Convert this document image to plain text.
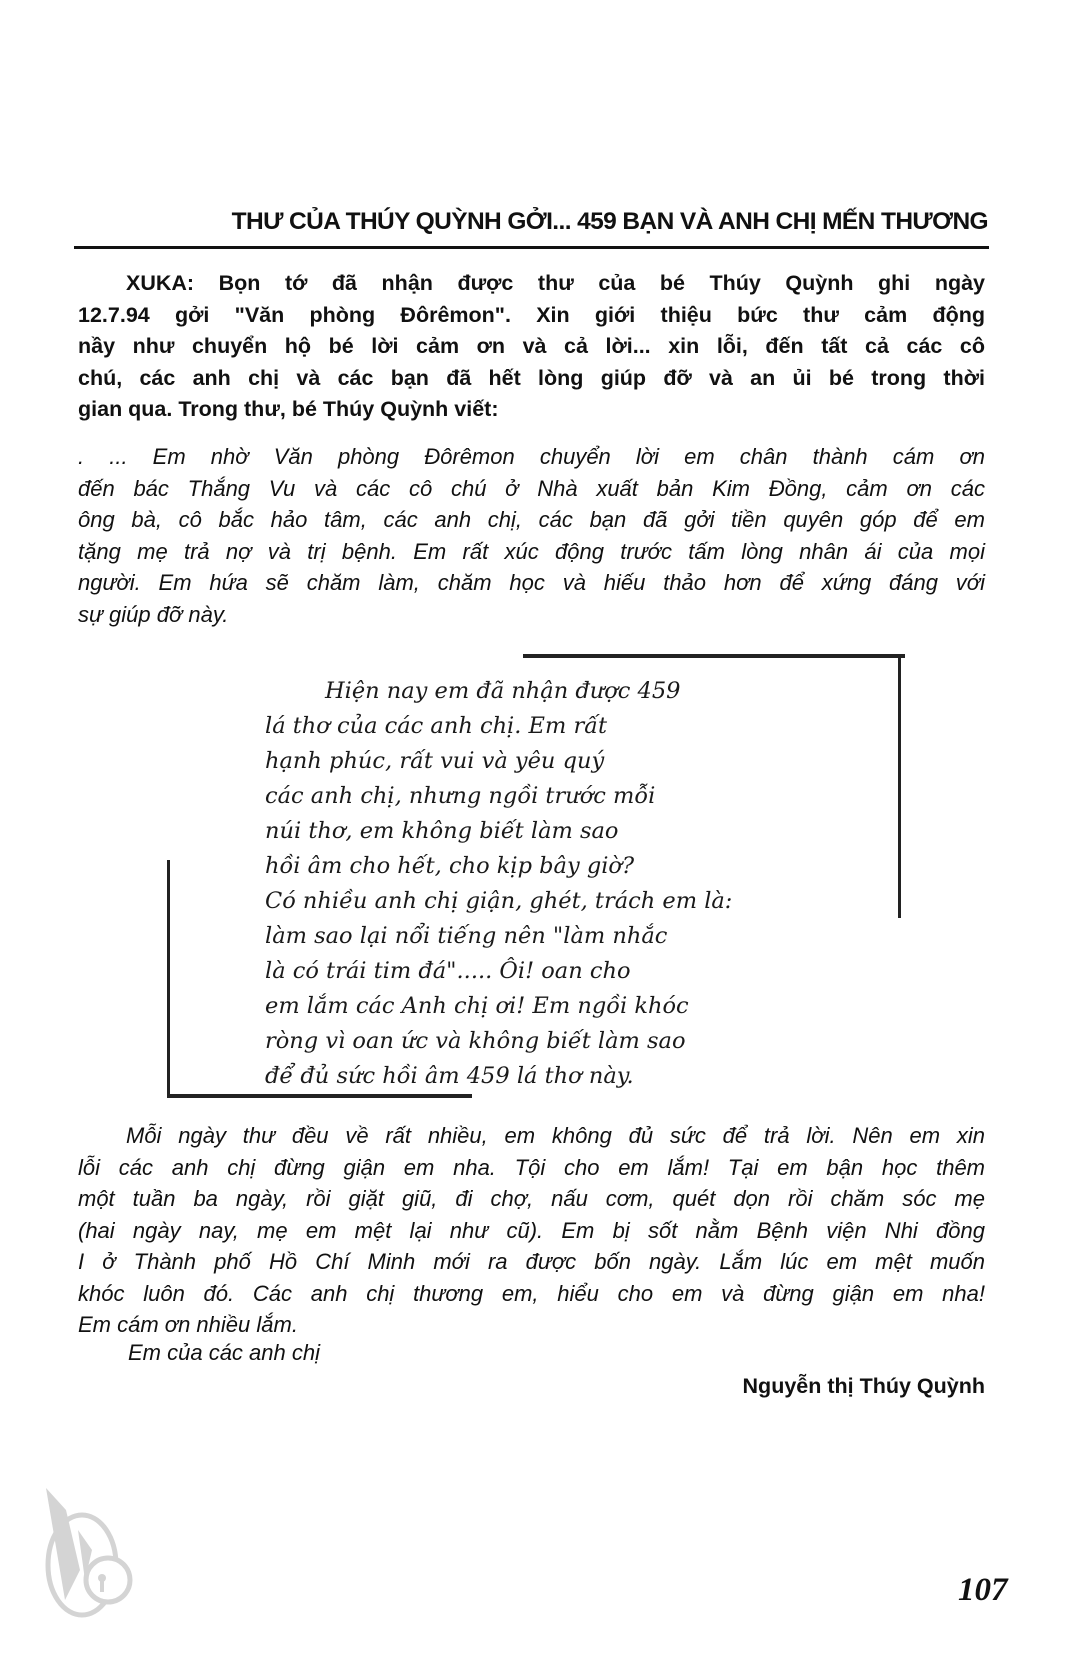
THƯ CỦA THÚY QUỲNH GỞI... 459 BẠN VÀ ANH CHỊ MẾN THƯƠNG
XUKA: Bọn tớ đã nhận được thư của bé Thúy Quỳnh ghi ngày
12.7.94 gởi "Văn phòng Đôrêmon". Xin giới thiệu bức thư cảm động
nầy như chuyển hộ bé lời cảm ơn và cả lời... xin lỗi, đến tất cả các cô
chú, các anh chị và các bạn đã hết lòng giúp đỡ và an ủi bé trong thời
gian qua. Trong thư, bé Thúy Quỳnh viết:
. ... Em nhờ Văn phòng Đôrêmon chuyển lời em chân thành cám ơn
đến bác Thắng Vu và các cô chú ở Nhà xuất bản Kim Đồng, cảm ơn các
ông bà, cô bắc hảo tâm, các anh chị, các bạn đã gởi tiền quyên góp để em
tặng mẹ trả nợ và trị bệnh. Em rất xúc động trước tấm lòng nhân ái của mọi
người. Em hứa sẽ chăm làm, chăm học và hiếu thảo hơn để xứng đáng với
sự giúp đỡ này.
Hiện nay em đã nhận được 459
lá thơ của các anh chị. Em rất
hạnh phúc, rất vui và yêu quý
các anh chị, nhưng ngồi trước mỗi
núi thơ, em không biết làm sao
hồi âm cho hết, cho kịp bây giờ?
Có nhiều anh chị giận, ghét, trách em là:
làm sao lại nổi tiếng nên "làm nhắc
là có trái tim đá"..... Ôi! oan cho
em lắm các Anh chị ơi! Em ngồi khóc
ròng vì oan ức và không biết làm sao
để đủ sức hồi âm 459 lá thơ này.
Mỗi ngày thư đều về rất nhiều, em không đủ sức để trả lời. Nên em xin
lỗi các anh chị đừng giận em nha. Tội cho em lắm! Tại em bận học thêm
một tuần ba ngày, rồi giặt giũ, đi chợ, nấu cơm, quét dọn rồi chăm sóc mẹ
(hai ngày nay, mẹ em mệt lại như cũ). Em bị sốt nằm Bệnh viện Nhi đồng
I ở Thành phố Hồ Chí Minh mới ra được bốn ngày. Lắm lúc em mệt muốn
khóc luôn đó. Các anh chị thương em, hiểu cho em và đừng giận em nha!
Em cám ơn nhiều lắm.
Em của các anh chị
Nguyễn thị Thúy Quỳnh
107
